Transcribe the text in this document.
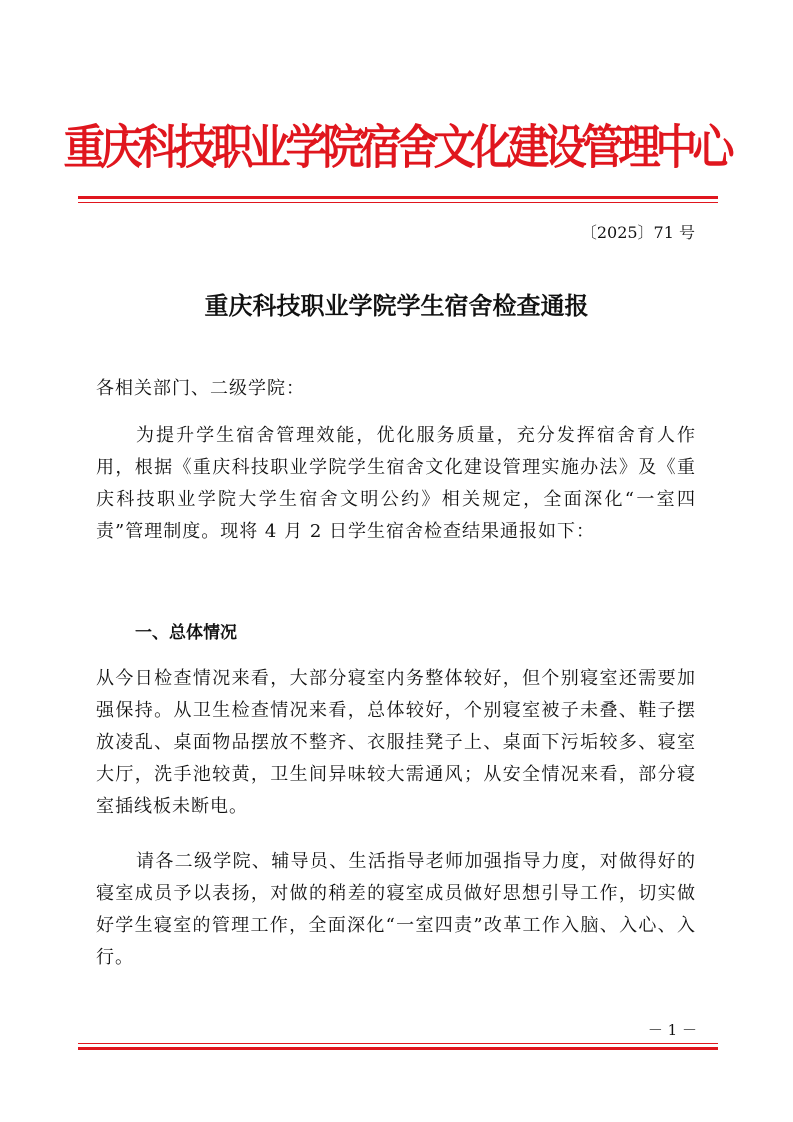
重庆科技职业学院宿舍文化建设管理中心
〔2025〕71 号
重庆科技职业学院学生宿舍检查通报
各相关部门、二级学院：
为提升学生宿舍管理效能，优化服务质量，充分发挥宿舍育人作用，根据《重庆科技职业学院学生宿舍文化建设管理实施办法》及《重庆科技职业学院大学生宿舍文明公约》相关规定，全面深化“一室四责”管理制度。现将 4 月 2 日学生宿舍检查结果通报如下：
一、总体情况
从今日检查情况来看，大部分寝室内务整体较好，但个别寝室还需要加强保持。从卫生检查情况来看，总体较好，个别寝室被子未叠、鞋子摆放凌乱、桌面物品摆放不整齐、衣服挂凳子上、桌面下污垢较多、寝室大厅，洗手池较黄，卫生间异味较大需通风；从安全情况来看，部分寝室插线板未断电。
请各二级学院、辅导员、生活指导老师加强指导力度，对做得好的寝室成员予以表扬，对做的稍差的寝室成员做好思想引导工作，切实做好学生寝室的管理工作，全面深化“一室四责”改革工作入脑、入心、入行。
－ 1 －
